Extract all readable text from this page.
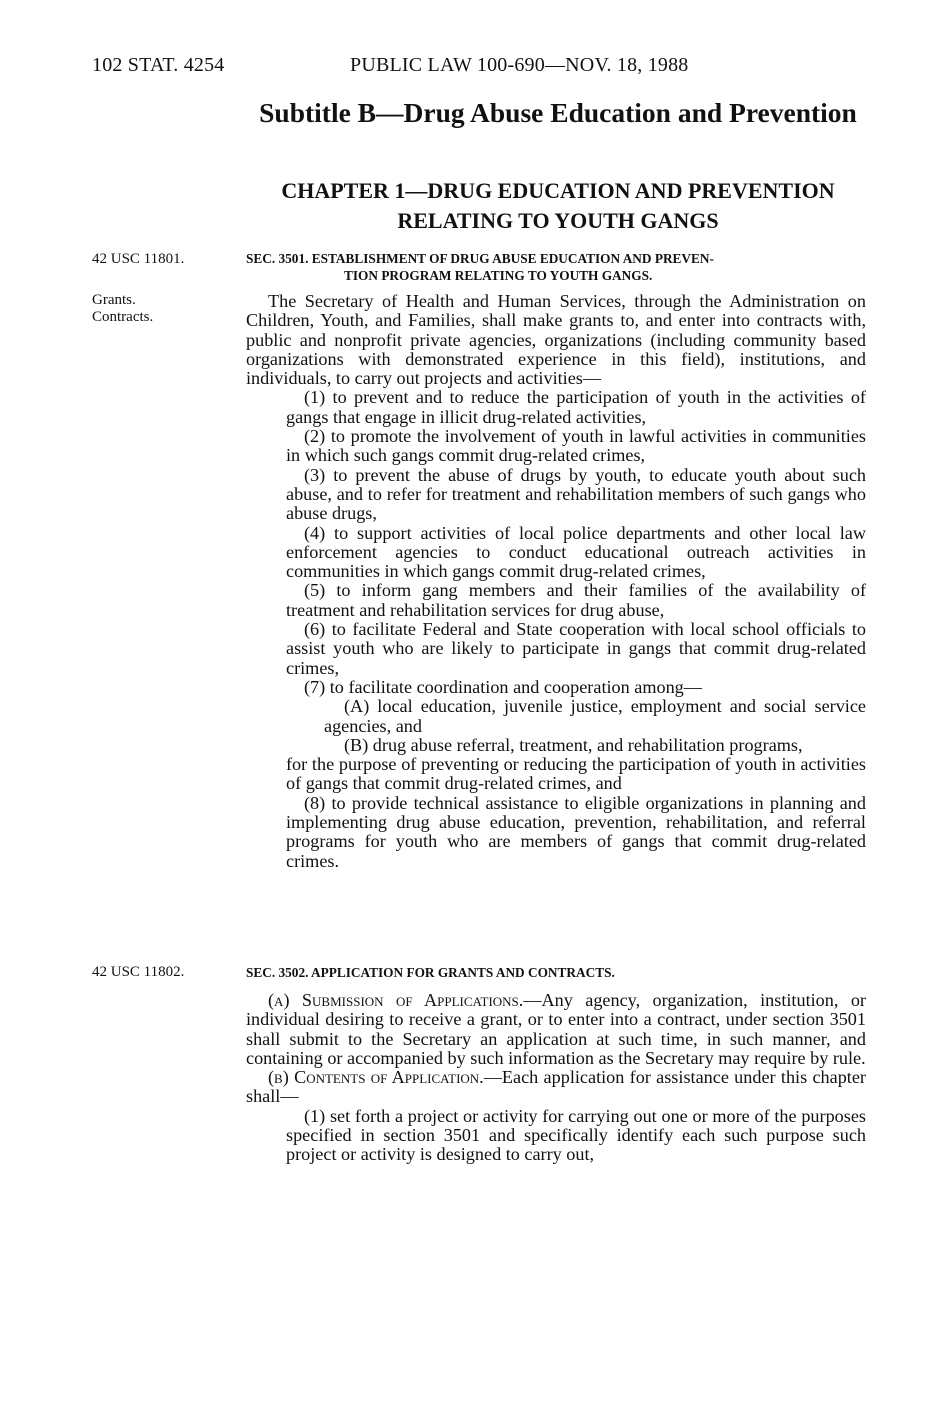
102 STAT. 4254	PUBLIC LAW 100-690—NOV. 18, 1988
Subtitle B—Drug Abuse Education and Prevention
CHAPTER 1—DRUG EDUCATION AND PREVENTION RELATING TO YOUTH GANGS
42 USC 11801.
Grants.
Contracts.
42 USC 11802.
SEC. 3501. ESTABLISHMENT OF DRUG ABUSE EDUCATION AND PREVEN-
TION PROGRAM RELATING TO YOUTH GANGS.

The Secretary of Health and Human Services, through the Administration on Children, Youth, and Families, shall make grants to, and enter into contracts with, public and nonprofit private agencies, organizations (including community based organizations with demonstrated experience in this field), institutions, and individuals, to carry out projects and activities—

(1) to prevent and to reduce the participation of youth in the activities of gangs that engage in illicit drug-related activities,

(2) to promote the involvement of youth in lawful activities in communities in which such gangs commit drug-related crimes,

(3) to prevent the abuse of drugs by youth, to educate youth about such abuse, and to refer for treatment and rehabilitation members of such gangs who abuse drugs,

(4) to support activities of local police departments and other local law enforcement agencies to conduct educational outreach activities in communities in which gangs commit drug-related crimes,

(5) to inform gang members and their families of the availability of treatment and rehabilitation services for drug abuse,

(6) to facilitate Federal and State cooperation with local school officials to assist youth who are likely to participate in gangs that commit drug-related crimes,

(7) to facilitate coordination and cooperation among—

(A) local education, juvenile justice, employment and social service agencies, and

(B) drug abuse referral, treatment, and rehabilitation programs,

for the purpose of preventing or reducing the participation of youth in activities of gangs that commit drug-related crimes, and

(8) to provide technical assistance to eligible organizations in planning and implementing drug abuse education, prevention, rehabilitation, and referral programs for youth who are members of gangs that commit drug-related crimes.

SEC. 3502. APPLICATION FOR GRANTS AND CONTRACTS.

(a) Submission of Applications.—Any agency, organization, institution, or individual desiring to receive a grant, or to enter into a contract, under section 3501 shall submit to the Secretary an application at such time, in such manner, and containing or accompanied by such information as the Secretary may require by rule.

(b) Contents of Application.—Each application for assistance under this chapter shall—

(1) set forth a project or activity for carrying out one or more of the purposes specified in section 3501 and specifically identify each such purpose such project or activity is designed to carry out,
